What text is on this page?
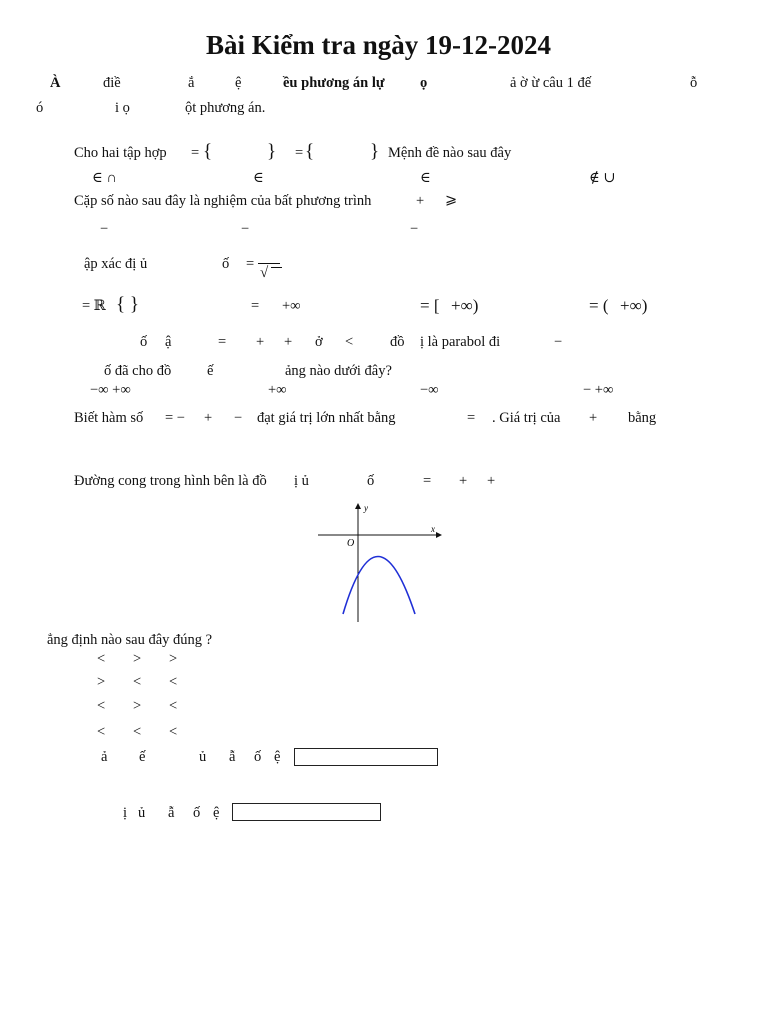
Bài Kiểm tra ngày 19-12-2024
À	điề	ắ	ệ	ều phương án lự ọ	ả ờ ừ câu 1 đế	ỗ
ó	i ọ	ột phương án.
Cho hai tập hợp = {	} = {	} Mệnh đề nào sau đây
∈ ∩	∈	∈	∉ ∪
Cặp số nào sau đây là nghiệm của bất phương trình	+ ⩾
−	−	−
ập xác đị ủ	ố =
√
= ℝ { }	= +∞	= [ +∞)	= ( +∞)
ố ậ	= + + ở <	đồ ị là parabol đi	−
ố đã cho đồ ế	ảng nào dưới đây?
−∞ +∞	+∞	−∞	− +∞
Biết hàm số = − + − đạt giá trị lớn nhất bằng	= . Giá trị của + bằng
Đường cong trong hình bên là đồ ị ủ	ố	= + +
y
x
O
ẳng định nào sau đây đúng ?
< > >
> < <
< > <
< < <
ả ế	ủ ẫ ố ệ
ị ủ ẫ ố ệ
